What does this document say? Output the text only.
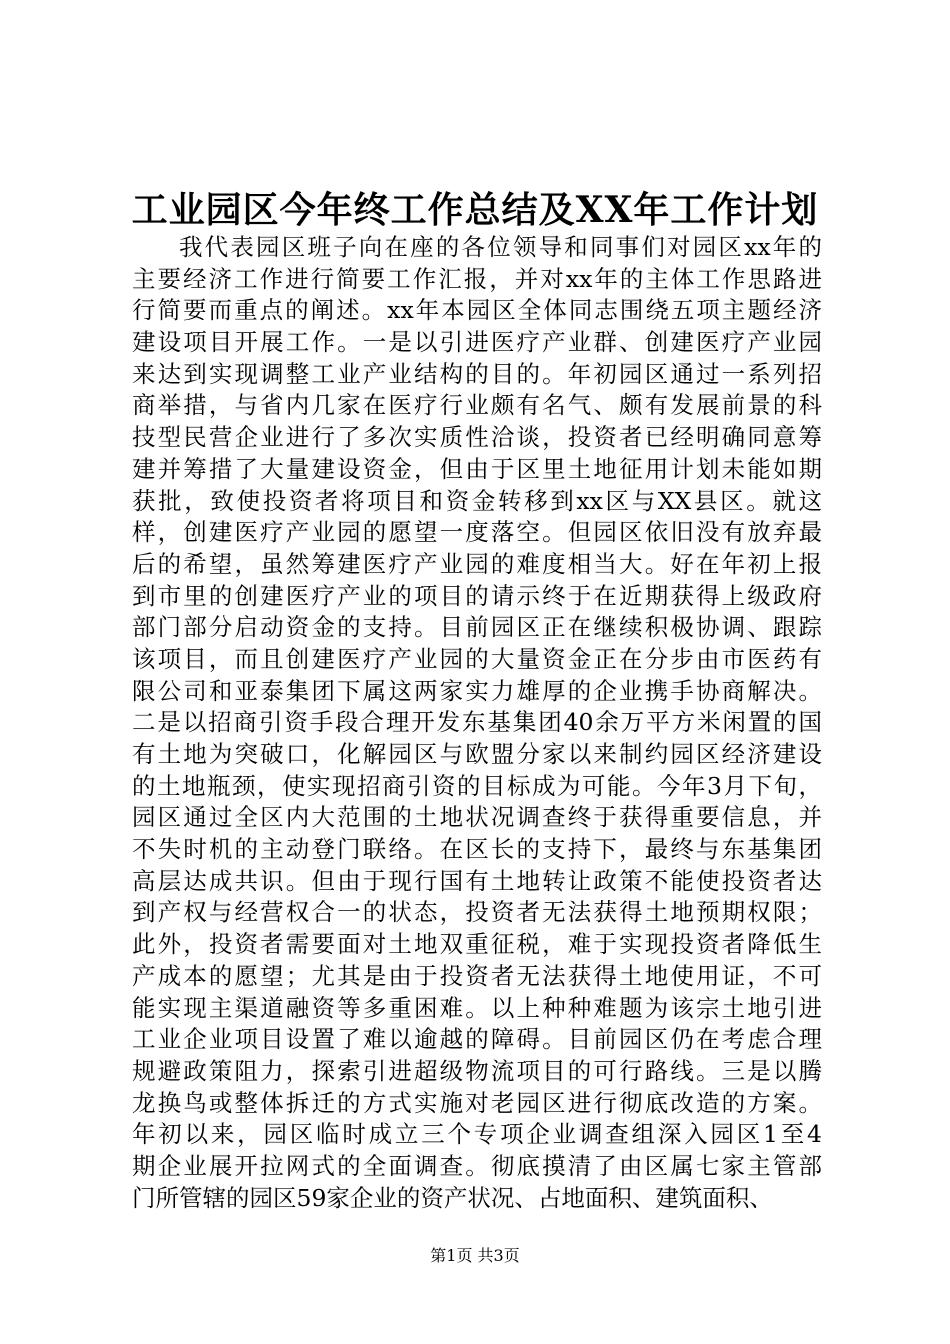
工业园区今年终工作总结及XX年工作计划
我代表园区班子向在座的各位领导和同事们对园区xx年的
主要经济工作进行简要工作汇报，并对xx年的主体工作思路进
行简要而重点的阐述。xx年本园区全体同志围绕五项主题经济
建设项目开展工作。一是以引进医疗产业群、创建医疗产业园
来达到实现调整工业产业结构的目的。年初园区通过一系列招
商举措，与省内几家在医疗行业颇有名气、颇有发展前景的科
技型民营企业进行了多次实质性洽谈，投资者已经明确同意筹
建并筹措了大量建设资金，但由于区里土地征用计划未能如期
获批，致使投资者将项目和资金转移到xx区与XX县区。就这
样，创建医疗产业园的愿望一度落空。但园区依旧没有放弃最
后的希望，虽然筹建医疗产业园的难度相当大。好在年初上报
到市里的创建医疗产业的项目的请示终于在近期获得上级政府
部门部分启动资金的支持。目前园区正在继续积极协调、跟踪
该项目，而且创建医疗产业园的大量资金正在分步由市医药有
限公司和亚泰集团下属这两家实力雄厚的企业携手协商解决。
二是以招商引资手段合理开发东基集团40余万平方米闲置的国
有土地为突破口，化解园区与欧盟分家以来制约园区经济建设
的土地瓶颈，使实现招商引资的目标成为可能。今年3月下旬，
园区通过全区内大范围的土地状况调查终于获得重要信息，并
不失时机的主动登门联络。在区长的支持下，最终与东基集团
高层达成共识。但由于现行国有土地转让政策不能使投资者达
到产权与经营权合一的状态，投资者无法获得土地预期权限；
此外，投资者需要面对土地双重征税，难于实现投资者降低生
产成本的愿望；尤其是由于投资者无法获得土地使用证，不可
能实现主渠道融资等多重困难。以上种种难题为该宗土地引进
工业企业项目设置了难以逾越的障碍。目前园区仍在考虑合理
规避政策阻力，探索引进超级物流项目的可行路线。三是以腾
龙换鸟或整体拆迁的方式实施对老园区进行彻底改造的方案。
年初以来，园区临时成立三个专项企业调查组深入园区1至4
期企业展开拉网式的全面调查。彻底摸清了由区属七家主管部
门所管辖的园区59家企业的资产状况、占地面积、建筑面积、
第1页 共3页
